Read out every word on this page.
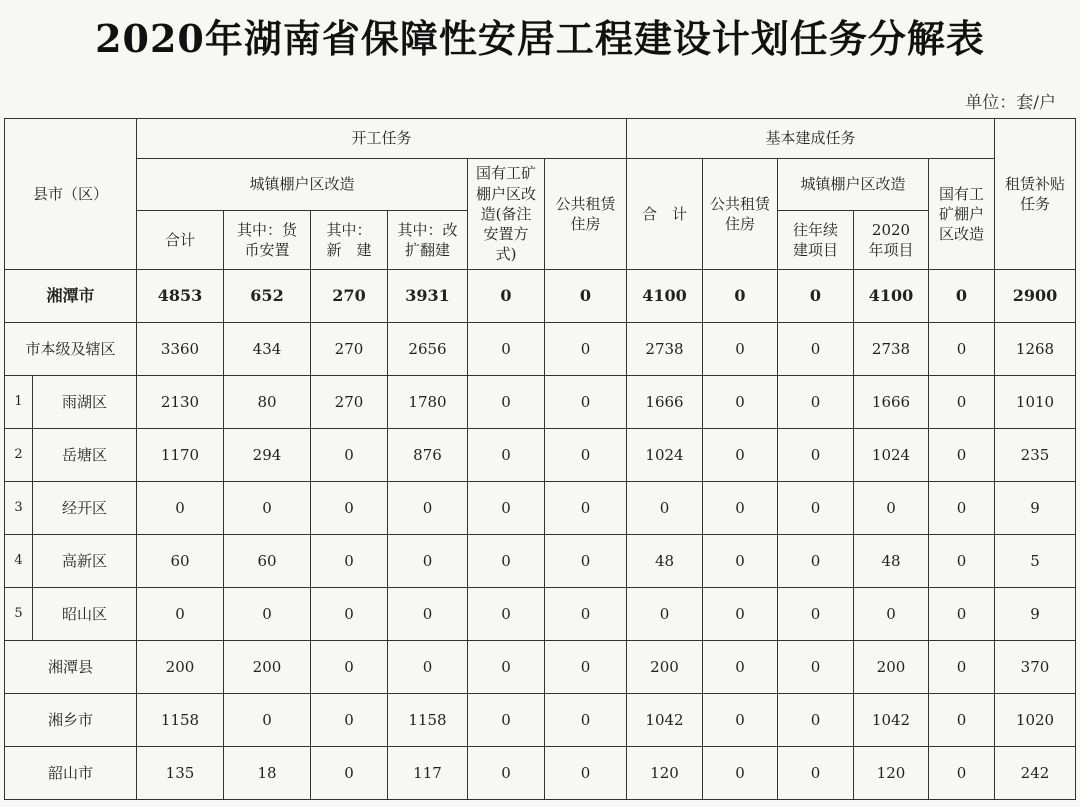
2020年湖南省保障性安居工程建设计划任务分解表
单位：套/户
县市（区）		开工任务						基本建成任务					租赁补贴任务
		城镇棚户区改造				国有工矿棚户区改造(备注安置方式)	公共租赁住房	合　计	公共租赁住房	城镇棚户区改造		国有工矿棚户区改造	
		合计	其中：货币安置	其中：新　建	其中：改扩翻建					往年续建项目	2020年项目		
湘潭市		4853	652	270	3931	0	0	4100	0	0	4100	0	2900
市本级及辖区		3360	434	270	2656	0	0	2738	0	0	2738	0	1268
1	雨湖区	2130	80	270	1780	0	0	1666	0	0	1666	0	1010
2	岳塘区	1170	294	0	876	0	0	1024	0	0	1024	0	235
3	经开区	0	0	0	0	0	0	0	0	0	0	0	9
4	高新区	60	60	0	0	0	0	48	0	0	48	0	5
5	昭山区	0	0	0	0	0	0	0	0	0	0	0	9
湘潭县		200	200	0	0	0	0	200	0	0	200	0	370
湘乡市		1158	0	0	1158	0	0	1042	0	0	1042	0	1020
韶山市		135	18	0	117	0	0	120	0	0	120	0	242
